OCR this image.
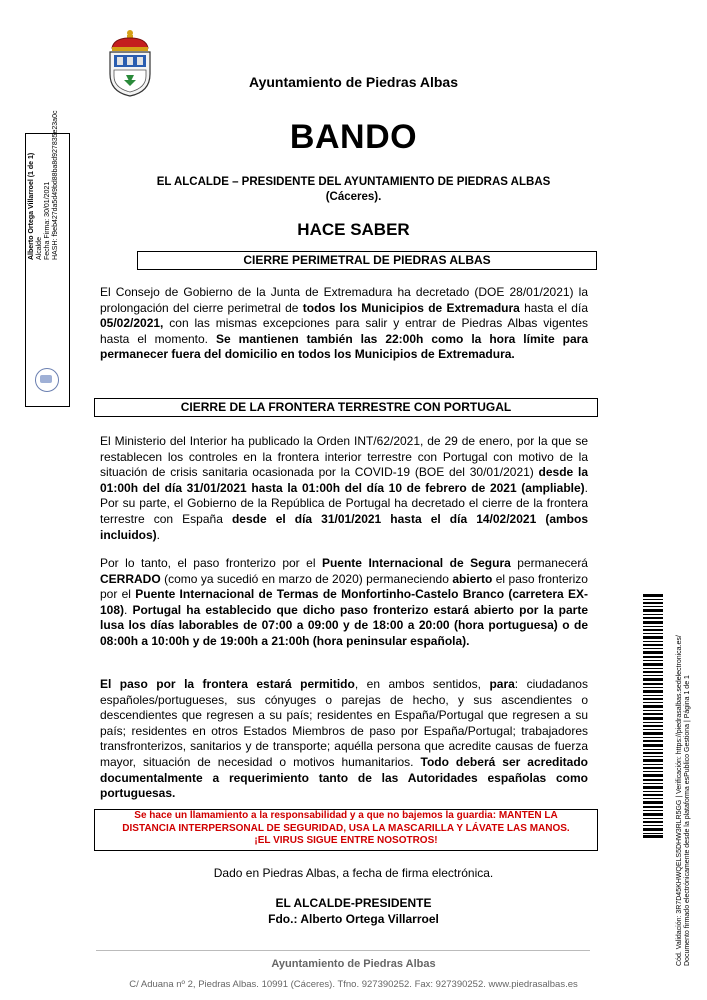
Ayuntamiento de Piedras Albas
BANDO
EL ALCALDE – PRESIDENTE DEL AYUNTAMIENTO DE PIEDRAS ALBAS
(Cáceres).
HACE SABER
CIERRE PERIMETRAL DE PIEDRAS ALBAS
El Consejo de Gobierno de la Junta de Extremadura ha decretado (DOE 28/01/2021) la prolongación del cierre perimetral de todos los Municipios de Extremadura hasta el día 05/02/2021, con las mismas excepciones para salir y entrar de Piedras Albas vigentes hasta el momento. Se mantienen también las 22:00h como la hora límite para permanecer fuera del domicilio en todos los Municipios de Extremadura.
CIERRE DE LA FRONTERA TERRESTRE CON PORTUGAL
El Ministerio del Interior ha publicado la Orden INT/62/2021, de 29 de enero, por la que se restablecen los controles en la frontera interior terrestre con Portugal con motivo de la situación de crisis sanitaria ocasionada por la COVID-19 (BOE del 30/01/2021) desde la 01:00h del día 31/01/2021 hasta la 01:00h del día 10 de febrero de 2021 (ampliable). Por su parte, el Gobierno de la República de Portugal ha decretado el cierre de la frontera terrestre con España desde el día 31/01/2021 hasta el día 14/02/2021 (ambos incluidos).
Por lo tanto, el paso fronterizo por el Puente Internacional de Segura permanecerá CERRADO (como ya sucedió en marzo de 2020) permaneciendo abierto el paso fronterizo por el Puente Internacional de Termas de Monfortinho-Castelo Branco (carretera EX-108). Portugal ha establecido que dicho paso fronterizo estará abierto por la parte lusa los días laborables de 07:00 a 09:00 y de 18:00 a 20:00 (hora portuguesa) o de 08:00h a 10:00h y de 19:00h a 21:00h (hora peninsular española).
El paso por la frontera estará permitido, en ambos sentidos, para: ciudadanos españoles/portugueses, sus cónyuges o parejas de hecho, y sus ascendientes o descendientes que regresen a su país; residentes en España/Portugal que regresen a su país; residentes en otros Estados Miembros de paso por España/Portugal; trabajadores transfronterizos, sanitarios y de transporte; aquélla persona que acredite causas de fuerza mayor, situación de necesidad o motivos humanitarios. Todo deberá ser acreditado documentalmente a requerimiento tanto de las Autoridades españolas como portuguesas.
Se hace un llamamiento a la responsabilidad y a que no bajemos la guardia: MANTEN LA
DISTANCIA INTERPERSONAL DE SEGURIDAD, USA LA MASCARILLA Y LÁVATE LAS MANOS.
¡EL VIRUS SIGUE ENTRE NOSOTROS!
Dado en Piedras Albas, a fecha de firma electrónica.
EL ALCALDE-PRESIDENTE
Fdo.: Alberto Ortega Villarroel
Ayuntamiento de Piedras Albas
C/ Aduana nº 2, Piedras Albas. 10991 (Cáceres). Tfno. 927390252. Fax: 927390252. www.piedrasalbas.es
Alberto Ortega Villarroel (1 de 1) Alcalde Fecha Firma: 30/01/2021 HASH: f9eb427da5d49bd88ba8d927835e23a0c
Cód. Validación: 3R7D45KHWQELS5DHW3RLR5GG | Verificación: https://piedrasalbas.sedelectronica.es/ Documento firmado electrónicamente desde la plataforma esPublico Gestiona | Página 1 de 1
